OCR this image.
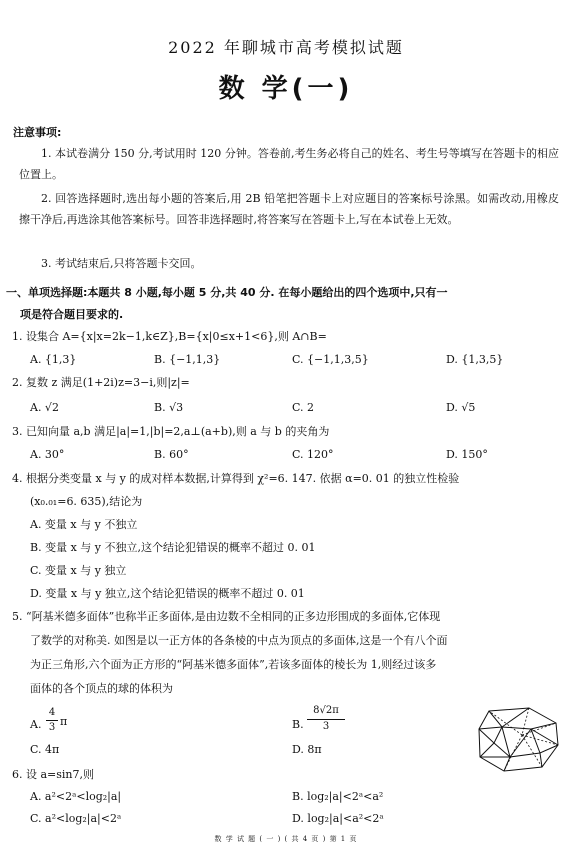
2022 年聊城市高考模拟试题
数 学(一)
注意事项:
1. 本试卷满分 150 分,考试用时 120 分钟。答卷前,考生务必将自己的姓名、考生号等填写在答题卡的相应位置上。
2. 回答选择题时,选出每小题的答案后,用 2B 铅笔把答题卡上对应题目的答案标号涂黑。如需改动,用橡皮擦干净后,再选涂其他答案标号。回答非选择题时,将答案写在答题卡上,写在本试卷上无效。
3. 考试结束后,只将答题卡交回。
一、单项选择题:本题共 8 小题,每小题 5 分,共 40 分. 在每小题给出的四个选项中,只有一
项是符合题目要求的.
1. 设集合 A={x|x=2k−1,k∈Z},B={x|0≤x+1<6},则 A∩B=
A. {1,3}	B. {−1,1,3}	C. {−1,1,3,5}	D. {1,3,5}
2. 复数 z 满足(1+2i)z=3−i,则|z|=
A. √2	B. √3	C. 2	D. √5
3. 已知向量 a,b 满足|a|=1,|b|=2,a⊥(a+b),则 a 与 b 的夹角为
A. 30°	B. 60°	C. 120°	D. 150°
4. 根据分类变量 x 与 y 的成对样本数据,计算得到 χ²=6. 147. 依据 α=0. 01 的独立性检验
(x₀.₀₁=6. 635),结论为
A. 变量 x 与 y 不独立
B. 变量 x 与 y 不独立,这个结论犯错误的概率不超过 0. 01
C. 变量 x 与 y 独立
D. 变量 x 与 y 独立,这个结论犯错误的概率不超过 0. 01
5. “阿基米德多面体”也称半正多面体,是由边数不全相同的正多边形围成的多面体,它体现
了数学的对称美. 如图是以一正方体的各条棱的中点为顶点的多面体,这是一个有八个面
为正三角形,六个面为正方形的“阿基米德多面体”,若该多面体的棱长为 1,则经过该多
面体的各个顶点的球的体积为
A.
4
3 π	B.
8√2π
3
C. 4π	D. 8π
6. 设 a=sin7,则
A. a²<2ᵃ<log₂|a|	B. log₂|a|<2ᵃ<a²
C. a²<log₂|a|<2ᵃ	D. log₂|a|<a²<2ᵃ
数 学 试 题 ( 一 ) ( 共 4 页 ) 第 1 页
